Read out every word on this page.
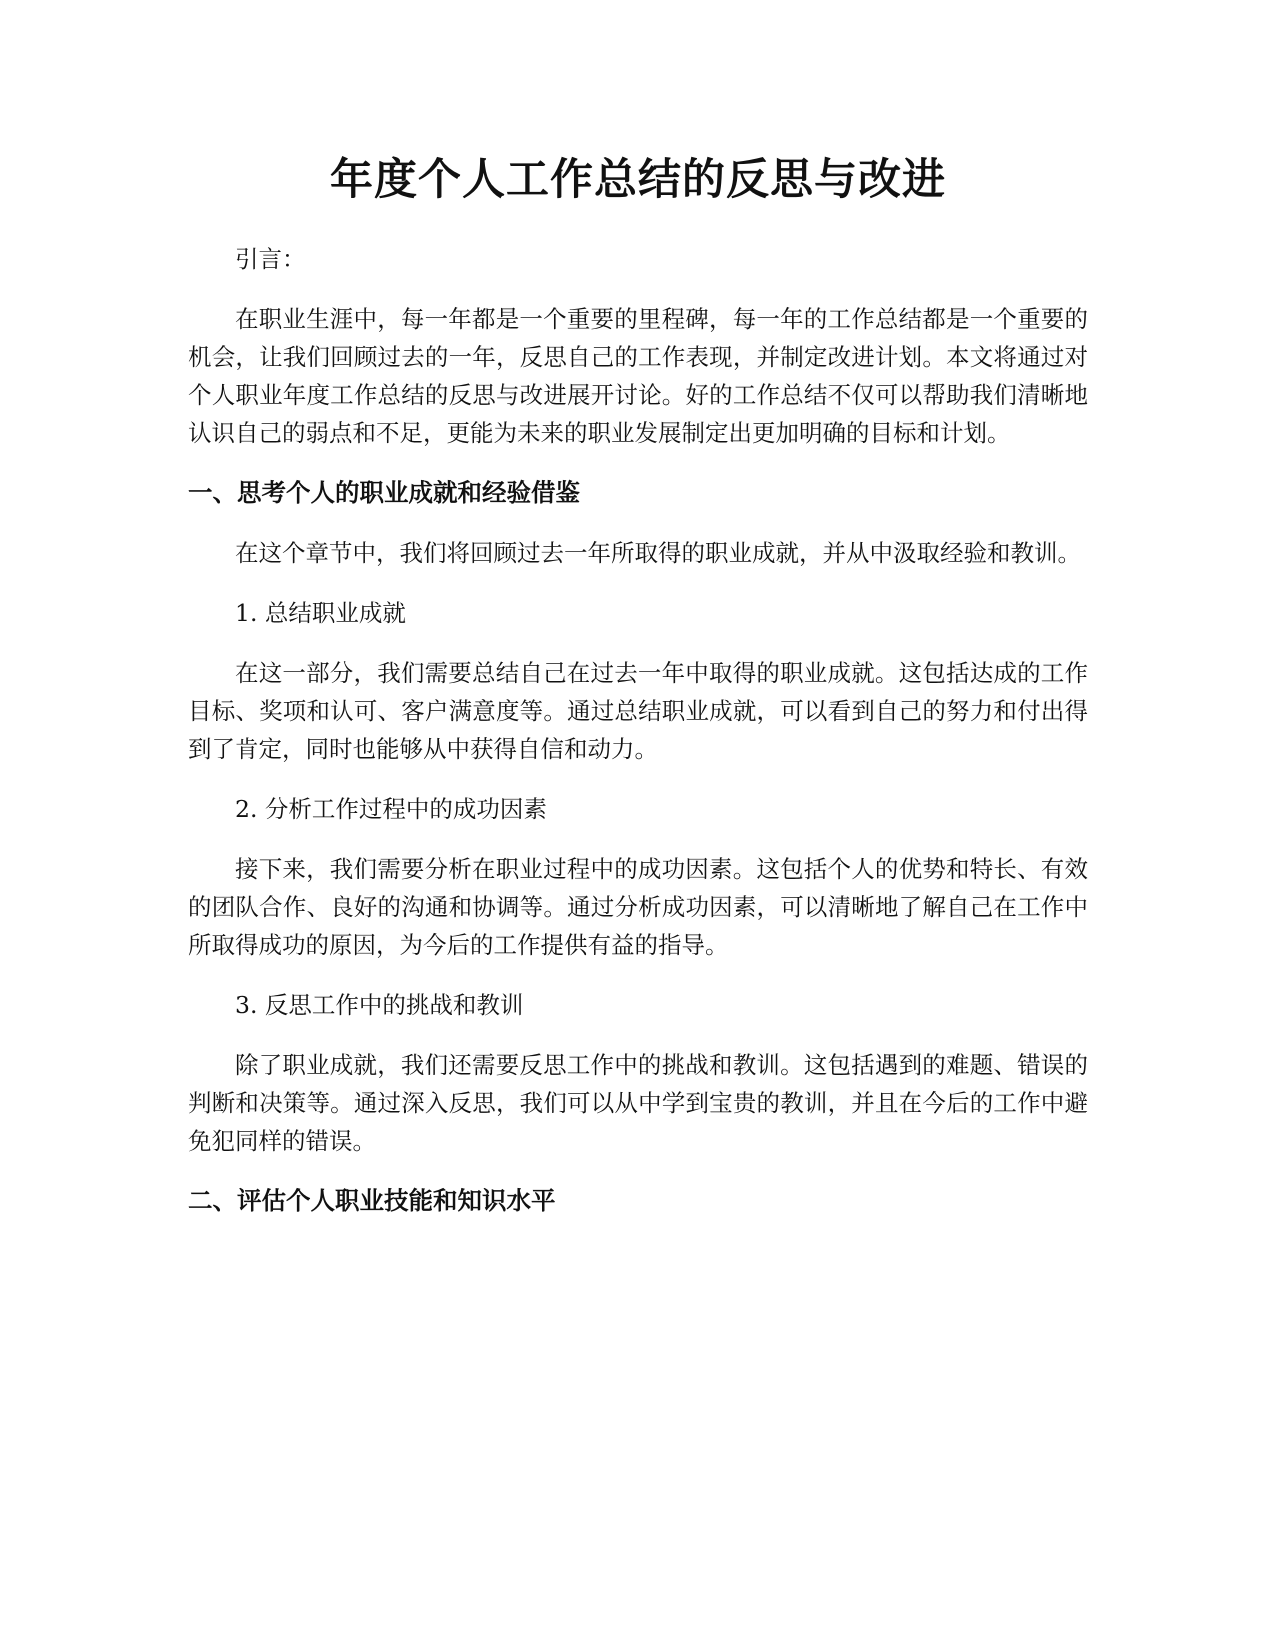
年度个人工作总结的反思与改进

引言：

在职业生涯中，每一年都是一个重要的里程碑，每一年的工作总结都是一个重要的机会，让我们回顾过去的一年，反思自己的工作表现，并制定改进计划。本文将通过对个人职业年度工作总结的反思与改进展开讨论。好的工作总结不仅可以帮助我们清晰地认识自己的弱点和不足，更能为未来的职业发展制定出更加明确的目标和计划。

一、思考个人的职业成就和经验借鉴

在这个章节中，我们将回顾过去一年所取得的职业成就，并从中汲取经验和教训。

1. 总结职业成就

在这一部分，我们需要总结自己在过去一年中取得的职业成就。这包括达成的工作目标、奖项和认可、客户满意度等。通过总结职业成就，可以看到自己的努力和付出得到了肯定，同时也能够从中获得自信和动力。

2. 分析工作过程中的成功因素

接下来，我们需要分析在职业过程中的成功因素。这包括个人的优势和特长、有效的团队合作、良好的沟通和协调等。通过分析成功因素，可以清晰地了解自己在工作中所取得成功的原因，为今后的工作提供有益的指导。

3. 反思工作中的挑战和教训

除了职业成就，我们还需要反思工作中的挑战和教训。这包括遇到的难题、错误的判断和决策等。通过深入反思，我们可以从中学到宝贵的教训，并且在今后的工作中避免犯同样的错误。

二、评估个人职业技能和知识水平
